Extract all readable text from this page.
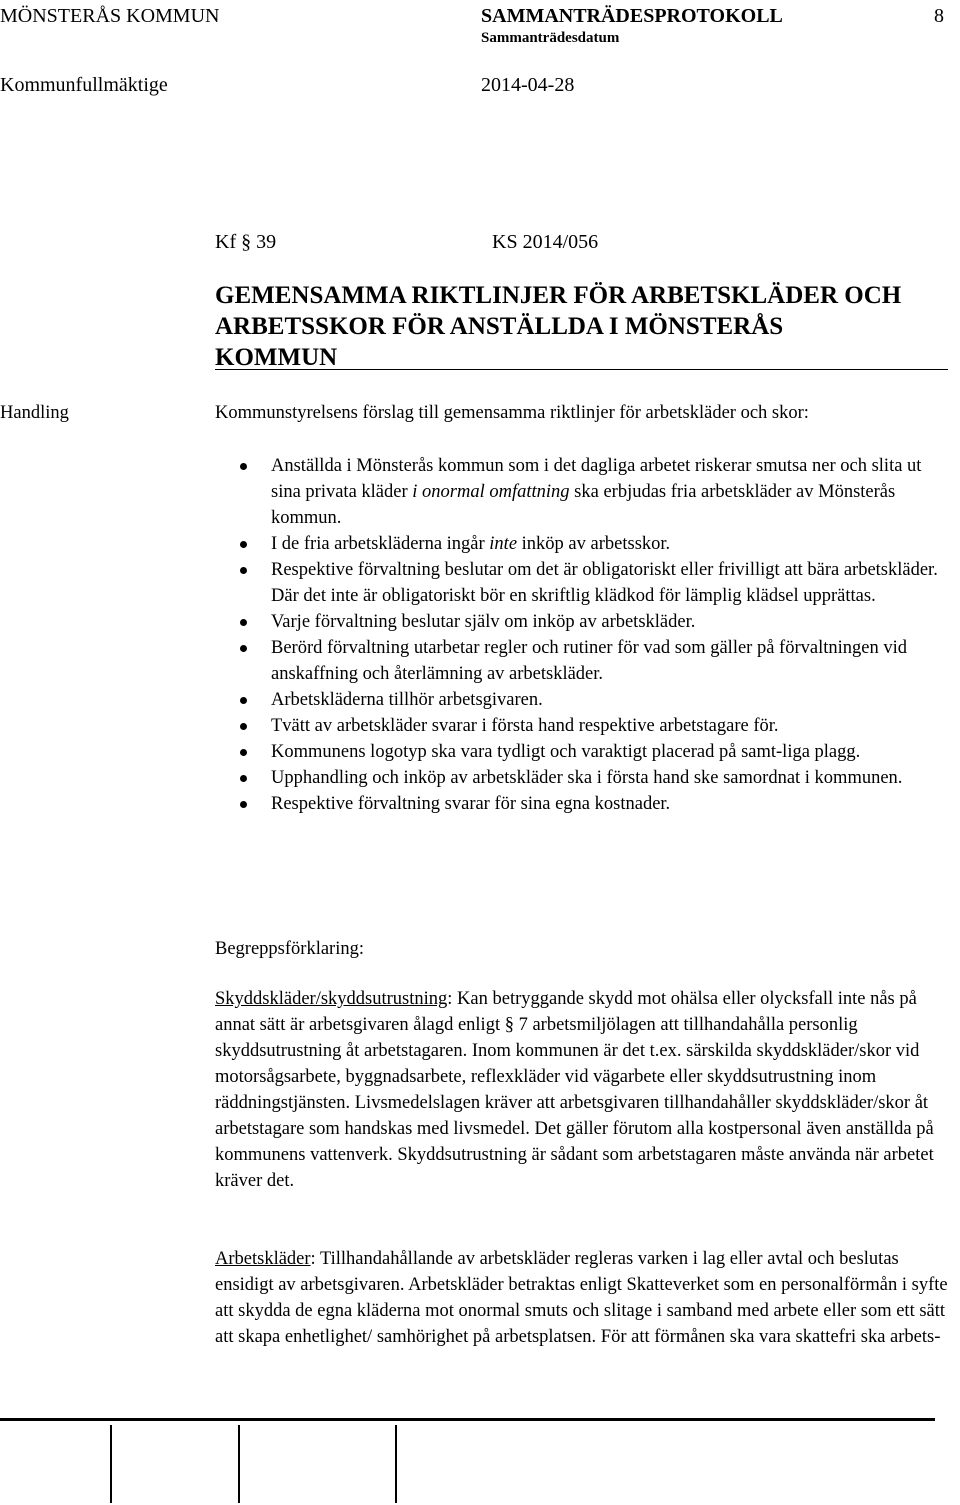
MÖNSTERÅS KOMMUN	SAMMANTRÄDESPROTOKOLL	8
Sammanträdesdatum
Kommunfullmäktige	2014-04-28
Kf § 39	KS 2014/056
GEMENSAMMA RIKTLINJER FÖR ARBETSKLÄDER OCH
ARBETSSKOR FÖR ANSTÄLLDA I MÖNSTERÅS
KOMMUN
Handling	Kommunstyrelsens förslag till gemensamma riktlinjer för arbetskläder och skor:
Anställda i Mönsterås kommun som i det dagliga arbetet riskerar smutsa ner och slita ut sina privata kläder i onormal omfattning ska erbjudas fria arbetskläder av Mönsterås kommun.
I de fria arbetskläderna ingår inte inköp av arbetsskor.
Respektive förvaltning beslutar om det är obligatoriskt eller frivilligt att bära arbetskläder. Där det inte är obligatoriskt bör en skriftlig klädkod för lämplig klädsel upprättas.
Varje förvaltning beslutar själv om inköp av arbetskläder.
Berörd förvaltning utarbetar regler och rutiner för vad som gäller på förvaltningen vid anskaffning och återlämning av arbetskläder.
Arbetskläderna tillhör arbetsgivaren.
Tvätt av arbetskläder svarar i första hand respektive arbetstagare för.
Kommunens logotyp ska vara tydligt och varaktigt placerad på samt-liga plagg.
Upphandling och inköp av arbetskläder ska i första hand ske samordnat i kommunen.
Respektive förvaltning svarar för sina egna kostnader.
Begreppsförklaring:

Skyddskläder/skyddsutrustning: Kan betryggande skydd mot ohälsa eller olycksfall inte nås på annat sätt är arbetsgivaren ålagd enligt § 7 arbetsmiljölagen att tillhandahålla personlig skyddsutrustning åt arbetstagaren. Inom kommunen är det t.ex. särskilda skyddskläder/skor vid motorsågsarbete, byggnadsarbete, reflexkläder vid vägarbete eller skyddsutrustning inom räddningstjänsten. Livsmedelslagen kräver att arbetsgivaren tillhandahåller skyddskläder/skor åt arbetstagare som handskas med livsmedel. Det gäller förutom alla kostpersonal även anställda på kommunens vattenverk. Skyddsutrustning är sådant som arbetstagaren måste använda när arbetet kräver det.

Arbetskläder: Tillhandahållande av arbetskläder regleras varken i lag eller avtal och beslutas ensidigt av arbetsgivaren. Arbetskläder betraktas enligt Skatteverket som en personalförmån i syfte att skydda de egna kläderna mot onormal smuts och slitage i samband med arbete eller som ett sätt att skapa enhetlighet/ samhörighet på arbetsplatsen. För att förmånen ska vara skattefri ska arbets-
